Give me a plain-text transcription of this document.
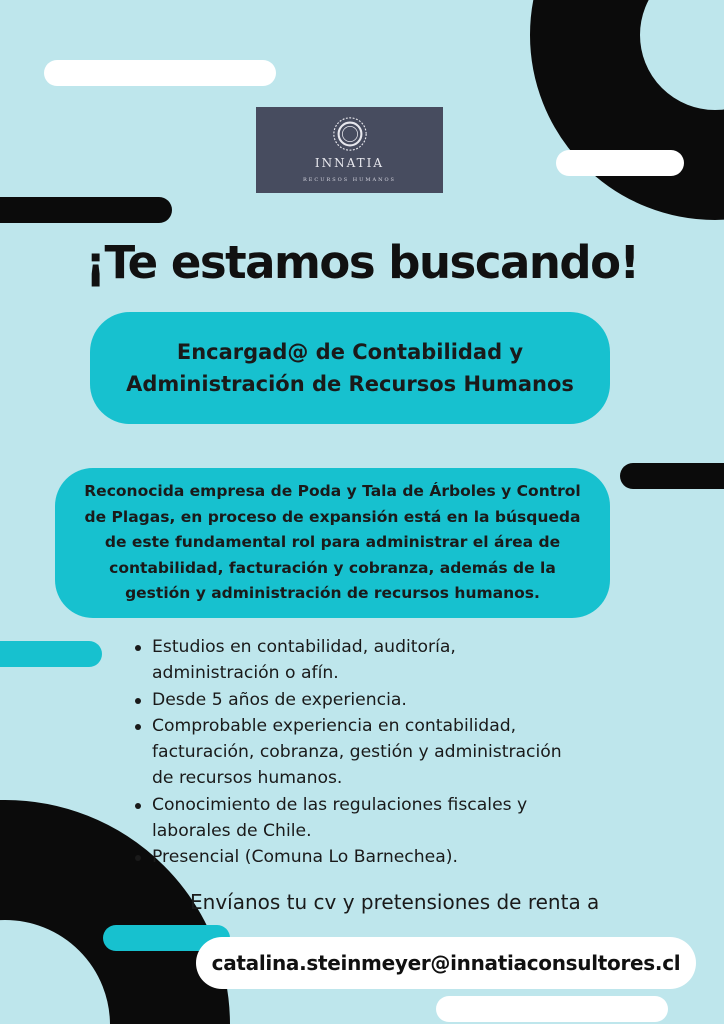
INNATIA
RECURSOS HUMANOS
¡Te estamos buscando!
Encargad@ de Contabilidad y
Administración de Recursos Humanos
Reconocida empresa de Poda y Tala de Árboles y Control
de Plagas, en proceso de expansión está en la búsqueda
de este fundamental rol para administrar el área de
contabilidad, facturación y cobranza, además de la
gestión y administración de recursos humanos.
Estudios en contabilidad, auditoría,
administración o afín.
Desde 5 años de experiencia.
Comprobable experiencia en contabilidad,
facturación, cobranza, gestión y administración
de recursos humanos.
Conocimiento de las regulaciones fiscales y
laborales de Chile.
Presencial (Comuna Lo Barnechea).
Envíanos tu cv y pretensiones de renta a
catalina.steinmeyer@innatiaconsultores.cl
